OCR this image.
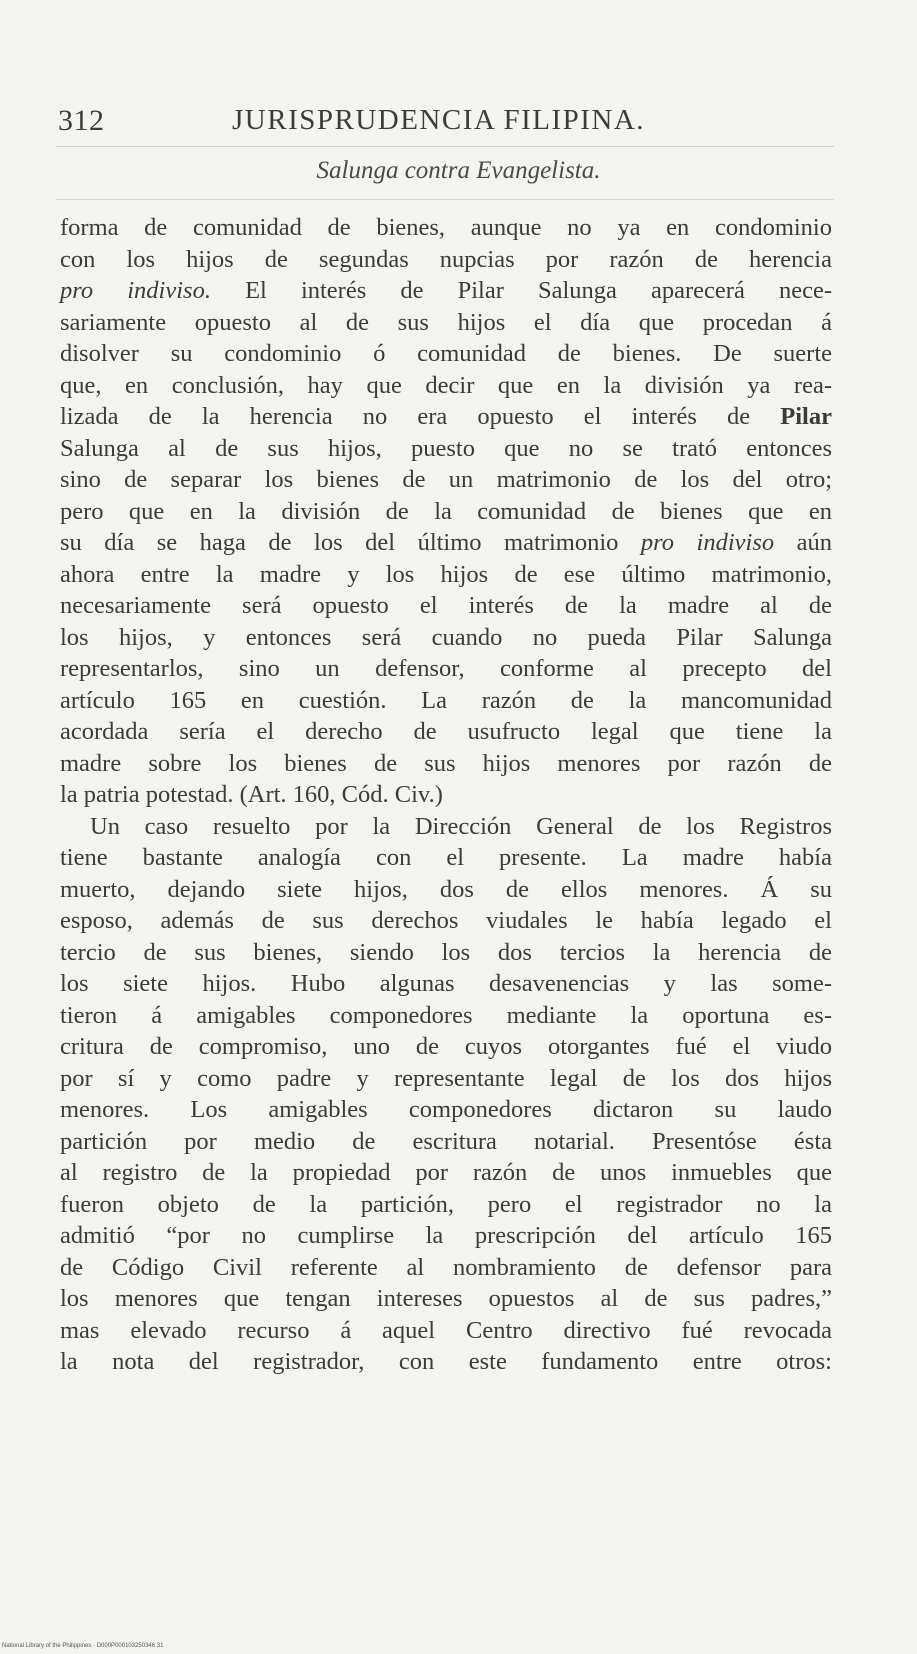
312	JURISPRUDENCIA FILIPINA.
Salunga contra Evangelista.
forma de comunidad de bienes, aunque no ya en condominio
con los hijos de segundas nupcias por razón de herencia
pro indiviso. El interés de Pilar Salunga aparecerá nece-
sariamente opuesto al de sus hijos el día que procedan á
disolver su condominio ó comunidad de bienes. De suerte
que, en conclusión, hay que decir que en la división ya rea-
lizada de la herencia no era opuesto el interés de Pilar
Salunga al de sus hijos, puesto que no se trató entonces
sino de separar los bienes de un matrimonio de los del otro;
pero que en la división de la comunidad de bienes que en
su día se haga de los del último matrimonio pro indiviso aún
ahora entre la madre y los hijos de ese último matrimonio,
necesariamente será opuesto el interés de la madre al de
los hijos, y entonces será cuando no pueda Pilar Salunga
representarlos, sino un defensor, conforme al precepto del
artículo 165 en cuestión. La razón de la mancomunidad
acordada sería el derecho de usufructo legal que tiene la
madre sobre los bienes de sus hijos menores por razón de
la patria potestad. (Art. 160, Cód. Civ.)
Un caso resuelto por la Dirección General de los Registros
tiene bastante analogía con el presente. La madre había
muerto, dejando siete hijos, dos de ellos menores. Á su
esposo, además de sus derechos viudales le había legado el
tercio de sus bienes, siendo los dos tercios la herencia de
los siete hijos. Hubo algunas desavenencias y las some-
tieron á amigables componedores mediante la oportuna es-
critura de compromiso, uno de cuyos otorgantes fué el viudo
por sí y como padre y representante legal de los dos hijos
menores. Los amigables componedores dictaron su laudo
partición por medio de escritura notarial. Presentóse ésta
al registro de la propiedad por razón de unos inmuebles que
fueron objeto de la partición, pero el registrador no la
admitió “por no cumplirse la prescripción del artículo 165
de Código Civil referente al nombramiento de defensor para
los menores que tengan intereses opuestos al de sus padres,”
mas elevado recurso á aquel Centro directivo fué revocada
la nota del registrador, con este fundamento entre otros:
National Library of the Philippines · D000P000103250346 31
